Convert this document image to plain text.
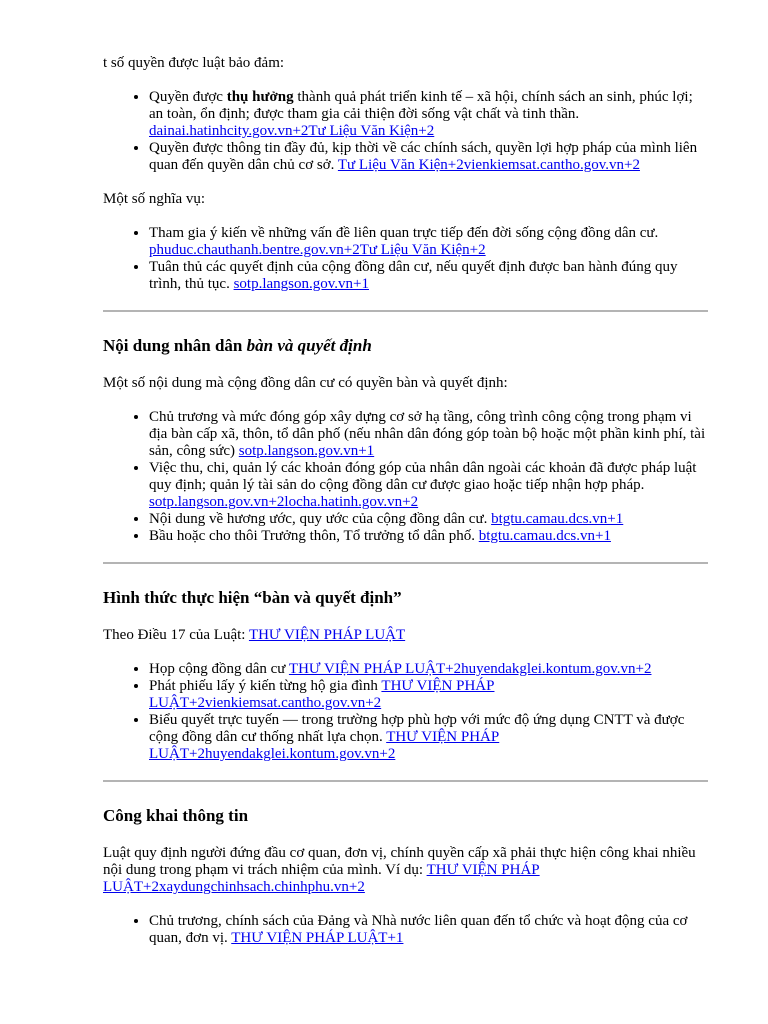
t số quyền được luật bảo đảm:

• Quyền được thụ hưởng thành quả phát triển kinh tế – xã hội, chính sách an sinh, phúc lợi; an toàn, ổn định; được tham gia cải thiện đời sống vật chất và tinh thần. dainai.hatinhcity.gov.vn+2Tư Liệu Văn Kiện+2
• Quyền được thông tin đầy đủ, kịp thời về các chính sách, quyền lợi hợp pháp của mình liên quan đến quyền dân chủ cơ sở. Tư Liệu Văn Kiện+2vienkiemsat.cantho.gov.vn+2

Một số nghĩa vụ:

• Tham gia ý kiến về những vấn đề liên quan trực tiếp đến đời sống cộng đồng dân cư. phuduc.chauthanh.bentre.gov.vn+2Tư Liệu Văn Kiện+2
• Tuân thủ các quyết định của cộng đồng dân cư, nếu quyết định được ban hành đúng quy trình, thủ tục. sotp.langson.gov.vn+1
Nội dung nhân dân bàn và quyết định

Một số nội dung mà cộng đồng dân cư có quyền bàn và quyết định:

• Chủ trương và mức đóng góp xây dựng cơ sở hạ tầng, công trình công cộng trong phạm vi địa bàn cấp xã, thôn, tổ dân phố (nếu nhân dân đóng góp toàn bộ hoặc một phần kinh phí, tài sản, công sức) sotp.langson.gov.vn+1
• Việc thu, chi, quản lý các khoản đóng góp của nhân dân ngoài các khoản đã được pháp luật quy định; quản lý tài sản do cộng đồng dân cư được giao hoặc tiếp nhận hợp pháp. sotp.langson.gov.vn+2locha.hatinh.gov.vn+2
• Nội dung về hương ước, quy ước của cộng đồng dân cư. btgtu.camau.dcs.vn+1
• Bầu hoặc cho thôi Trưởng thôn, Tổ trưởng tổ dân phố. btgtu.camau.dcs.vn+1
Hình thức thực hiện “bàn và quyết định”

Theo Điều 17 của Luật: THƯ VIỆN PHÁP LUẬT

• Họp cộng đồng dân cư THƯ VIỆN PHÁP LUẬT+2huyendakglei.kontum.gov.vn+2
• Phát phiếu lấy ý kiến từng hộ gia đình THƯ VIỆN PHÁP LUẬT+2vienkiemsat.cantho.gov.vn+2
• Biểu quyết trực tuyến — trong trường hợp phù hợp với mức độ ứng dụng CNTT và được cộng đồng dân cư thống nhất lựa chọn. THƯ VIỆN PHÁP LUẬT+2huyendakglei.kontum.gov.vn+2
Công khai thông tin

Luật quy định người đứng đầu cơ quan, đơn vị, chính quyền cấp xã phải thực hiện công khai nhiều nội dung trong phạm vi trách nhiệm của mình. Ví dụ: THƯ VIỆN PHÁP LUẬT+2xaydungchinhsach.chinhphu.vn+2

• Chủ trương, chính sách của Đảng và Nhà nước liên quan đến tổ chức và hoạt động của cơ quan, đơn vị. THƯ VIỆN PHÁP LUẬT+1
